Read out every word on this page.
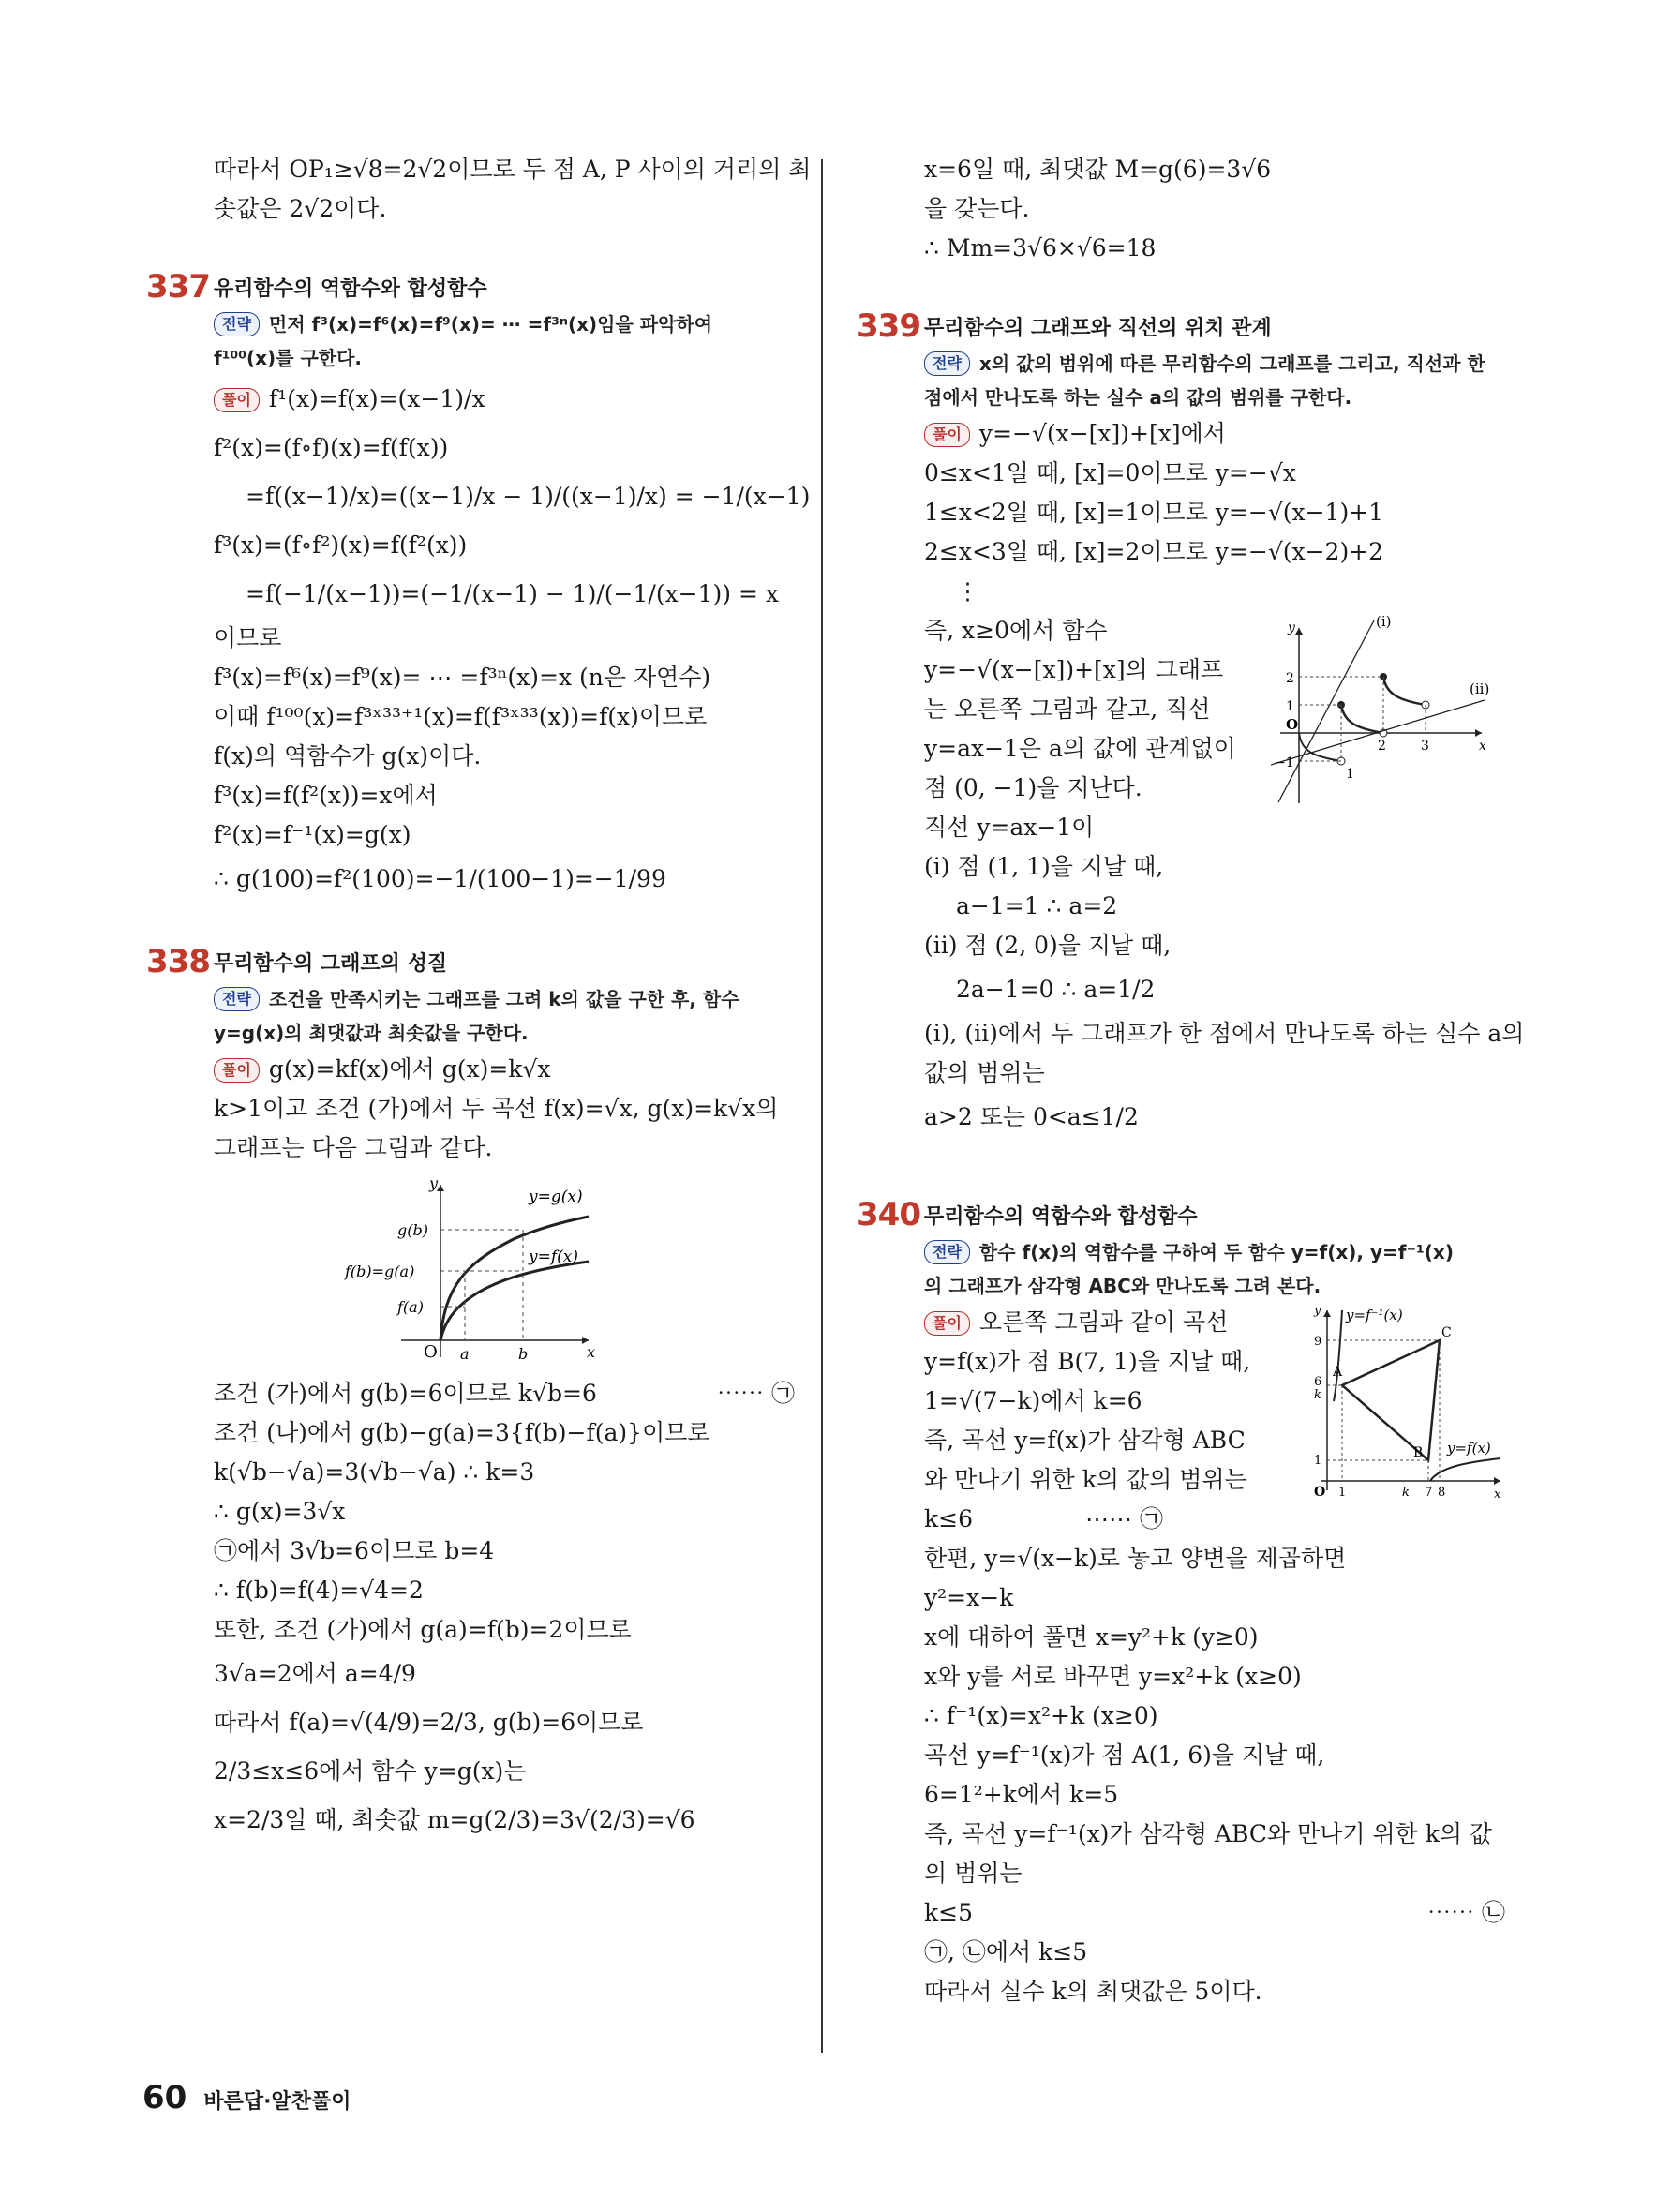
따라서 OP₁≥√8=2√2이므로 두 점 A, P 사이의 거리의 최
솟값은 2√2이다.
337 유리함수의 역함수와 합성함수
전략 먼저 f³(x)=f⁶(x)=f⁹(x)= ⋯ =f³ⁿ(x)임을 파악하여
f¹⁰⁰(x)를 구한다.
풀이 f¹(x)=f(x)=(x−1)/x
f²(x)=(f∘f)(x)=f(f(x))
=f((x−1)/x)=((x−1)/x − 1)/((x−1)/x) = −1/(x−1)
f³(x)=(f∘f²)(x)=f(f²(x))
=f(−1/(x−1))=(−1/(x−1) − 1)/(−1/(x−1)) = x
이므로
f³(x)=f⁶(x)=f⁹(x)= ⋯ =f³ⁿ(x)=x (n은 자연수)
이때 f¹⁰⁰(x)=f³ˣ³³⁺¹(x)=f(f³ˣ³³(x))=f(x)이므로
f(x)의 역함수가 g(x)이다.
f³(x)=f(f²(x))=x에서
f²(x)=f⁻¹(x)=g(x)
∴ g(100)=f²(100)=−1/(100−1)=−1/99
338 무리함수의 그래프의 성질
전략 조건을 만족시키는 그래프를 그려 k의 값을 구한 후, 함수
y=g(x)의 최댓값과 최솟값을 구한다.
풀이 g(x)=kf(x)에서 g(x)=k√x
k>1이고 조건 (가)에서 두 곡선 f(x)=√x, g(x)=k√x의
그래프는 다음 그림과 같다.
y
x
O
y=g(x)
y=f(x)
g(b)
f(b)=g(a)
f(a)
a	b
조건 (가)에서 g(b)=6이므로 k√b=6	⋯⋯ ㉠
조건 (나)에서 g(b)−g(a)=3{f(b)−f(a)}이므로
k(√b−√a)=3(√b−√a) ∴ k=3
∴ g(x)=3√x
㉠에서 3√b=6이므로 b=4
∴ f(b)=f(4)=√4=2
또한, 조건 (가)에서 g(a)=f(b)=2이므로
3√a=2에서 a=4/9
따라서 f(a)=√(4/9)=2/3, g(b)=6이므로
2/3≤x≤6에서 함수 y=g(x)는
x=2/3일 때, 최솟값 m=g(2/3)=3√(2/3)=√6
x=6일 때, 최댓값 M=g(6)=3√6
을 갖는다.
∴ Mm=3√6×√6=18
339 무리함수의 그래프와 직선의 위치 관계
전략 x의 값의 범위에 따른 무리함수의 그래프를 그리고, 직선과 한
점에서 만나도록 하는 실수 a의 값의 범위를 구한다.
풀이 y=−√(x−[x])+[x]에서
0≤x<1일 때, [x]=0이므로 y=−√x
1≤x<2일 때, [x]=1이므로 y=−√(x−1)+1
2≤x<3일 때, [x]=2이므로 y=−√(x−2)+2
⋮
(i)
(ii)
y
x
O
1
2	3
−1
1
2
즉, x≥0에서 함수
y=−√(x−[x])+[x]의 그래프
는 오른쪽 그림과 같고, 직선
y=ax−1은 a의 값에 관계없이
점 (0, −1)을 지난다.
직선 y=ax−1이
(i) 점 (1, 1)을 지날 때,
a−1=1 ∴ a=2
(ii) 점 (2, 0)을 지날 때,
2a−1=0 ∴ a=1/2
(i), (ii)에서 두 그래프가 한 점에서 만나도록 하는 실수 a의
값의 범위는
a>2 또는 0<a≤1/2
340 무리함수의 역함수와 합성함수
전략 함수 f(x)의 역함수를 구하여 두 함수 y=f(x), y=f⁻¹(x)
의 그래프가 삼각형 ABC와 만나도록 그려 본다.
y=f⁻¹(x)
y=f(x)
A
B
C
y
x
O
9
6
k
1
1	k 7 8
풀이 오른쪽 그림과 같이 곡선
y=f(x)가 점 B(7, 1)을 지날 때,
1=√(7−k)에서 k=6
즉, 곡선 y=f(x)가 삼각형 ABC
와 만나기 위한 k의 값의 범위는
k≤6	⋯⋯ ㉠
한편, y=√(x−k)로 놓고 양변을 제곱하면
y²=x−k
x에 대하여 풀면 x=y²+k (y≥0)
x와 y를 서로 바꾸면 y=x²+k (x≥0)
∴ f⁻¹(x)=x²+k (x≥0)
곡선 y=f⁻¹(x)가 점 A(1, 6)을 지날 때,
6=1²+k에서 k=5
즉, 곡선 y=f⁻¹(x)가 삼각형 ABC와 만나기 위한 k의 값
의 범위는
k≤5	⋯⋯ ㉡
㉠, ㉡에서 k≤5
따라서 실수 k의 최댓값은 5이다.
60 바른답·알찬풀이
